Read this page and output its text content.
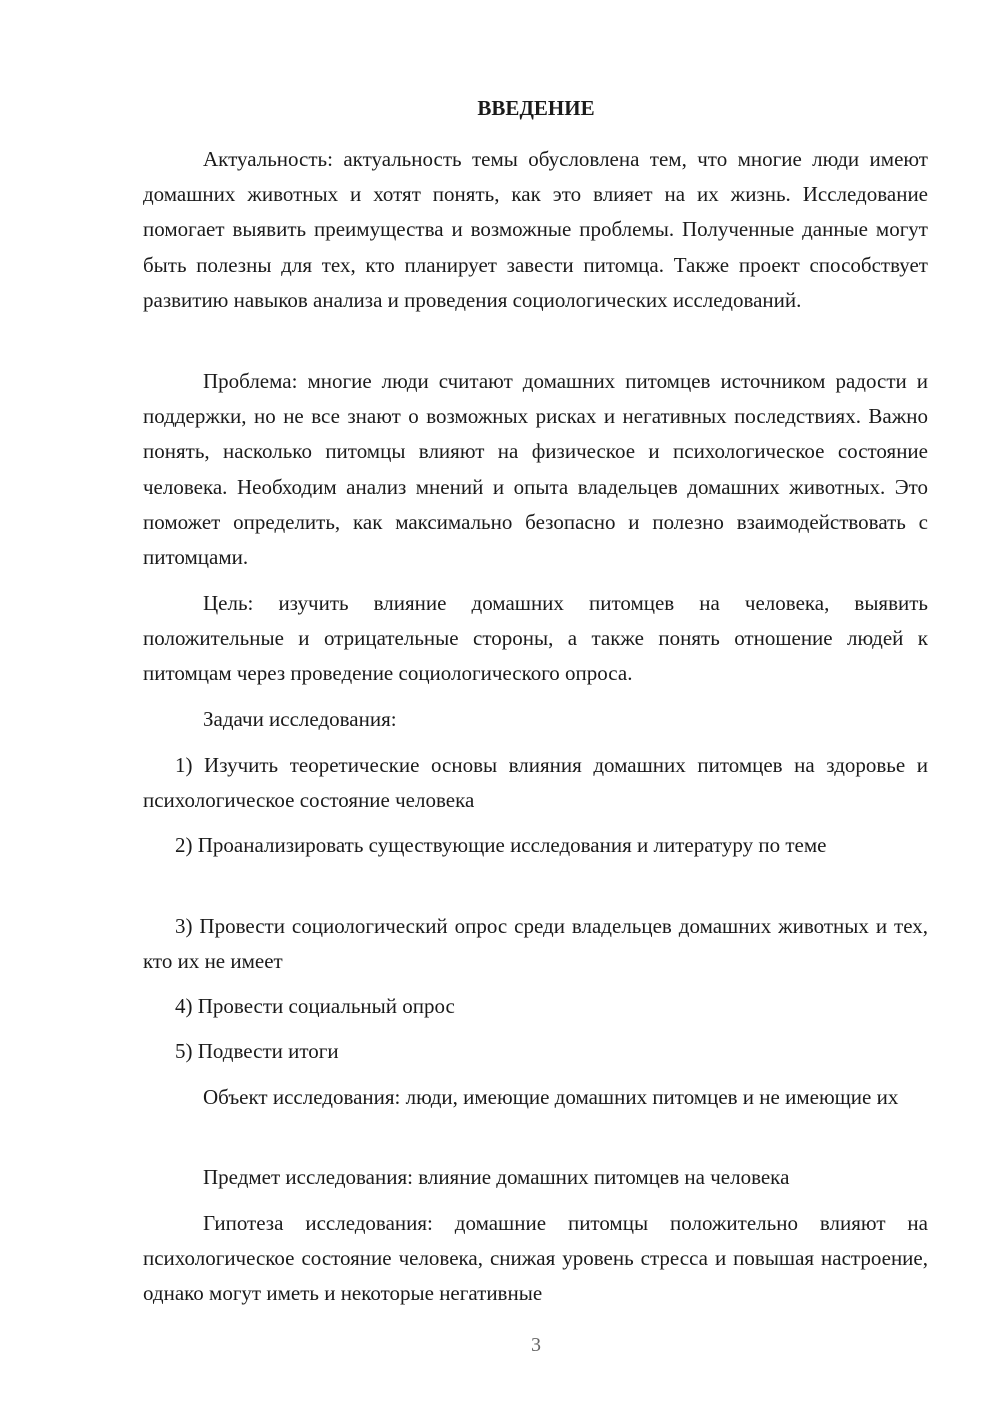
ВВЕДЕНИЕ

Актуальность: актуальность темы обусловлена тем, что многие люди имеют домашних животных и хотят понять, как это влияет на их жизнь. Исследование помогает выявить преимущества и возможные проблемы. Полученные данные могут быть полезны для тех, кто планирует завести питомца. Также проект способствует развитию навыков анализа и проведения социологических исследований.

Проблема: многие люди считают домашних питомцев источником радости и поддержки, но не все знают о возможных рисках и негативных последствиях. Важно понять, насколько питомцы влияют на физическое и психологическое состояние человека. Необходим анализ мнений и опыта владельцев домашних животных. Это поможет определить, как максимально безопасно и полезно взаимодействовать с питомцами.

Цель: изучить влияние домашних питомцев на человека, выявить положительные и отрицательные стороны, а также понять отношение людей к питомцам через проведение социологического опроса.

Задачи исследования:

1) Изучить теоретические основы влияния домашних питомцев на здоровье и психологическое состояние человека

2) Проанализировать существующие исследования и литературу по теме

3) Провести социологический опрос среди владельцев домашних животных и тех, кто их не имеет

4) Провести социальный опрос

5) Подвести итоги

Объект исследования: люди, имеющие домашних питомцев и не имеющие их

Предмет исследования: влияние домашних питомцев на человека

Гипотеза исследования: домашние питомцы положительно влияют на психологическое состояние человека, снижая уровень стресса и повышая настроение, однако могут иметь и некоторые негативные

3
